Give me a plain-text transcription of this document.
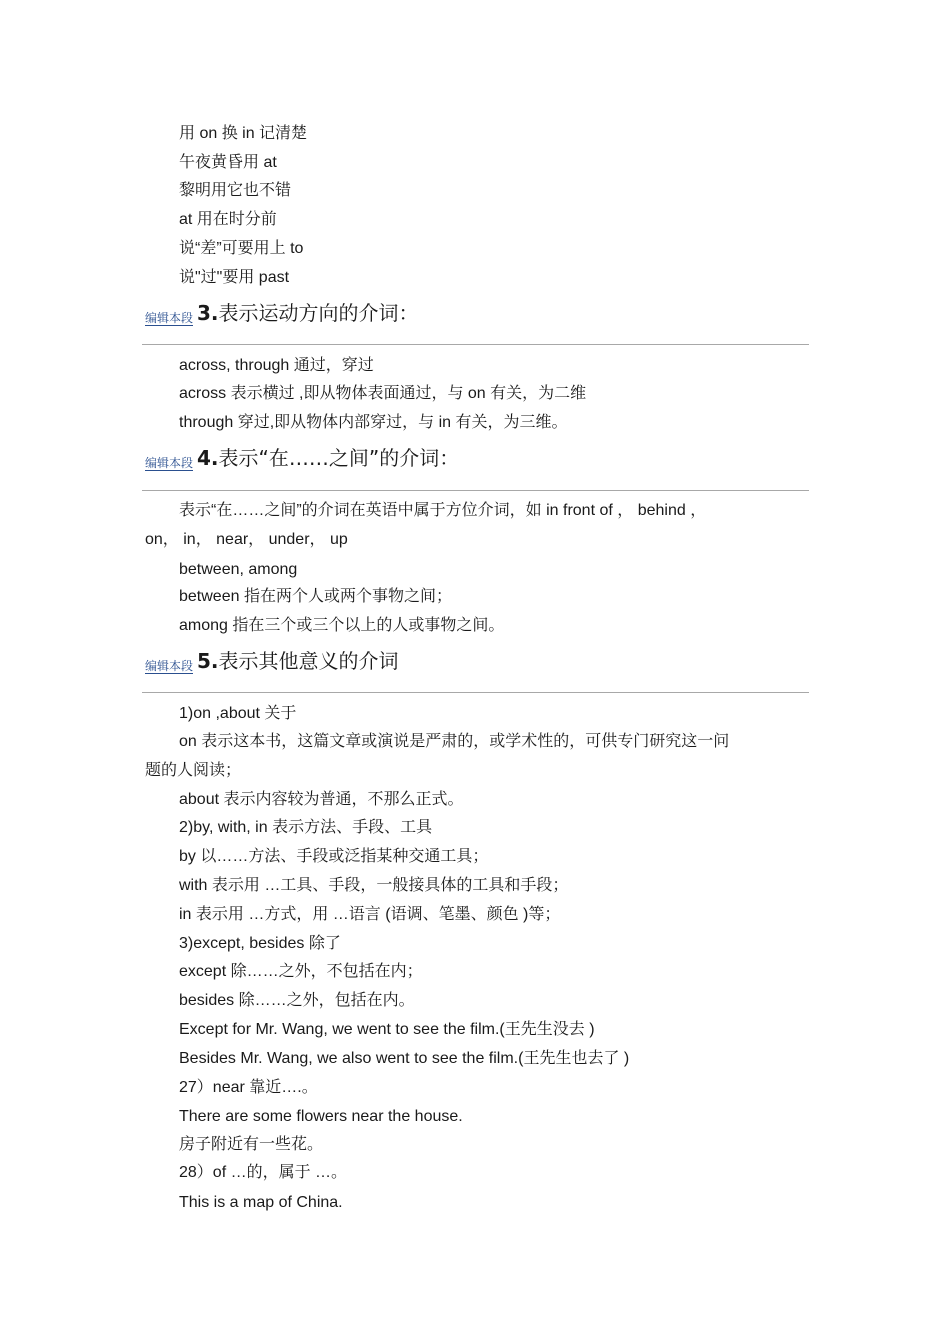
用 on 换 in 记清楚
午夜黄昏用 at
黎明用它也不错
at 用在时分前
说“差”可要用上 to
说"过"要用 past
编辑本段 3.表示运动方向的介词：
across, through 通过，穿过
across 表示横过 ,即从物体表面通过，与 on 有关，为二维
through 穿过,即从物体内部穿过，与 in 有关，为三维。
编辑本段 4.表示“在……之间”的介词：
表示“在……之间”的介词在英语中属于方位介词，如 in front of ， behind ，
on， in， near， under， up
between, among
between 指在两个人或两个事物之间；
among 指在三个或三个以上的人或事物之间。
编辑本段 5.表示其他意义的介词
1)on ,about 关于
on 表示这本书，这篇文章或演说是严肃的，或学术性的，可供专门研究这一问
题的人阅读；
about 表示内容较为普通，不那么正式。
2)by, with, in 表示方法、手段、工具
by 以……方法、手段或泛指某种交通工具；
with 表示用 …工具、手段，一般接具体的工具和手段；
in 表示用 …方式，用 …语言 (语调、笔墨、颜色 )等；
3)except, besides 除了
except 除……之外，不包括在内；
besides 除……之外，包括在内。
Except for Mr. Wang, we went to see the film.(王先生没去 )
Besides Mr. Wang, we also went to see the film.(王先生也去了 )
27）near 靠近….。
There are some flowers near the house.
房子附近有一些花。
28）of …的，属于 …。
This is a map of China.
